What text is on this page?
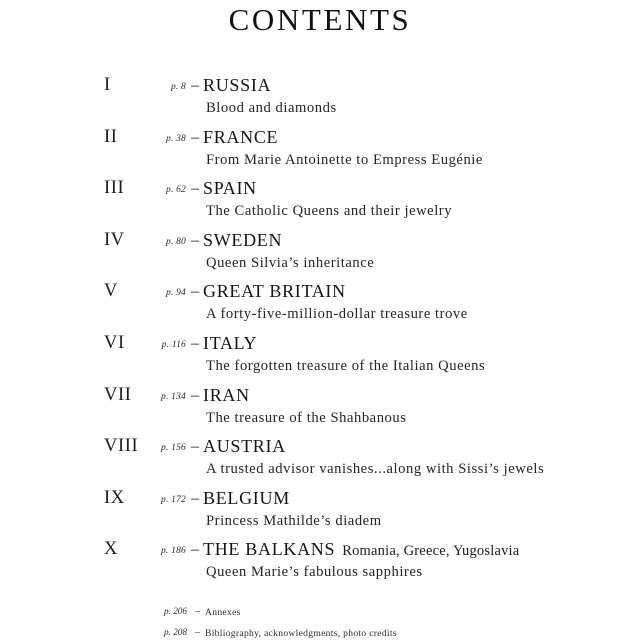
CONTENTS
I	p. 8 – RUSSIA
Blood and diamonds
II	p. 38 – FRANCE
From Marie Antoinette to Empress Eugénie
III	p. 62 – SPAIN
The Catholic Queens and their jewelry
IV	p. 80 – SWEDEN
Queen Silvia’s inheritance
V	p. 94 – GREAT BRITAIN
A forty-five-million-dollar treasure trove
VI	p. 116 – ITALY
The forgotten treasure of the Italian Queens
VII	p. 134 – IRAN
The treasure of the Shahbanous
VIII	p. 156 – AUSTRIA
A trusted advisor vanishes...along with Sissi’s jewels
IX	p. 172 – BELGIUM
Princess Mathilde’s diadem
X	p. 186 – THE BALKANS Romania, Greece, Yugoslavia
Queen Marie’s fabulous sapphires
p. 206 – Annexes
p. 208 – Bibliography, acknowledgments, photo credits
